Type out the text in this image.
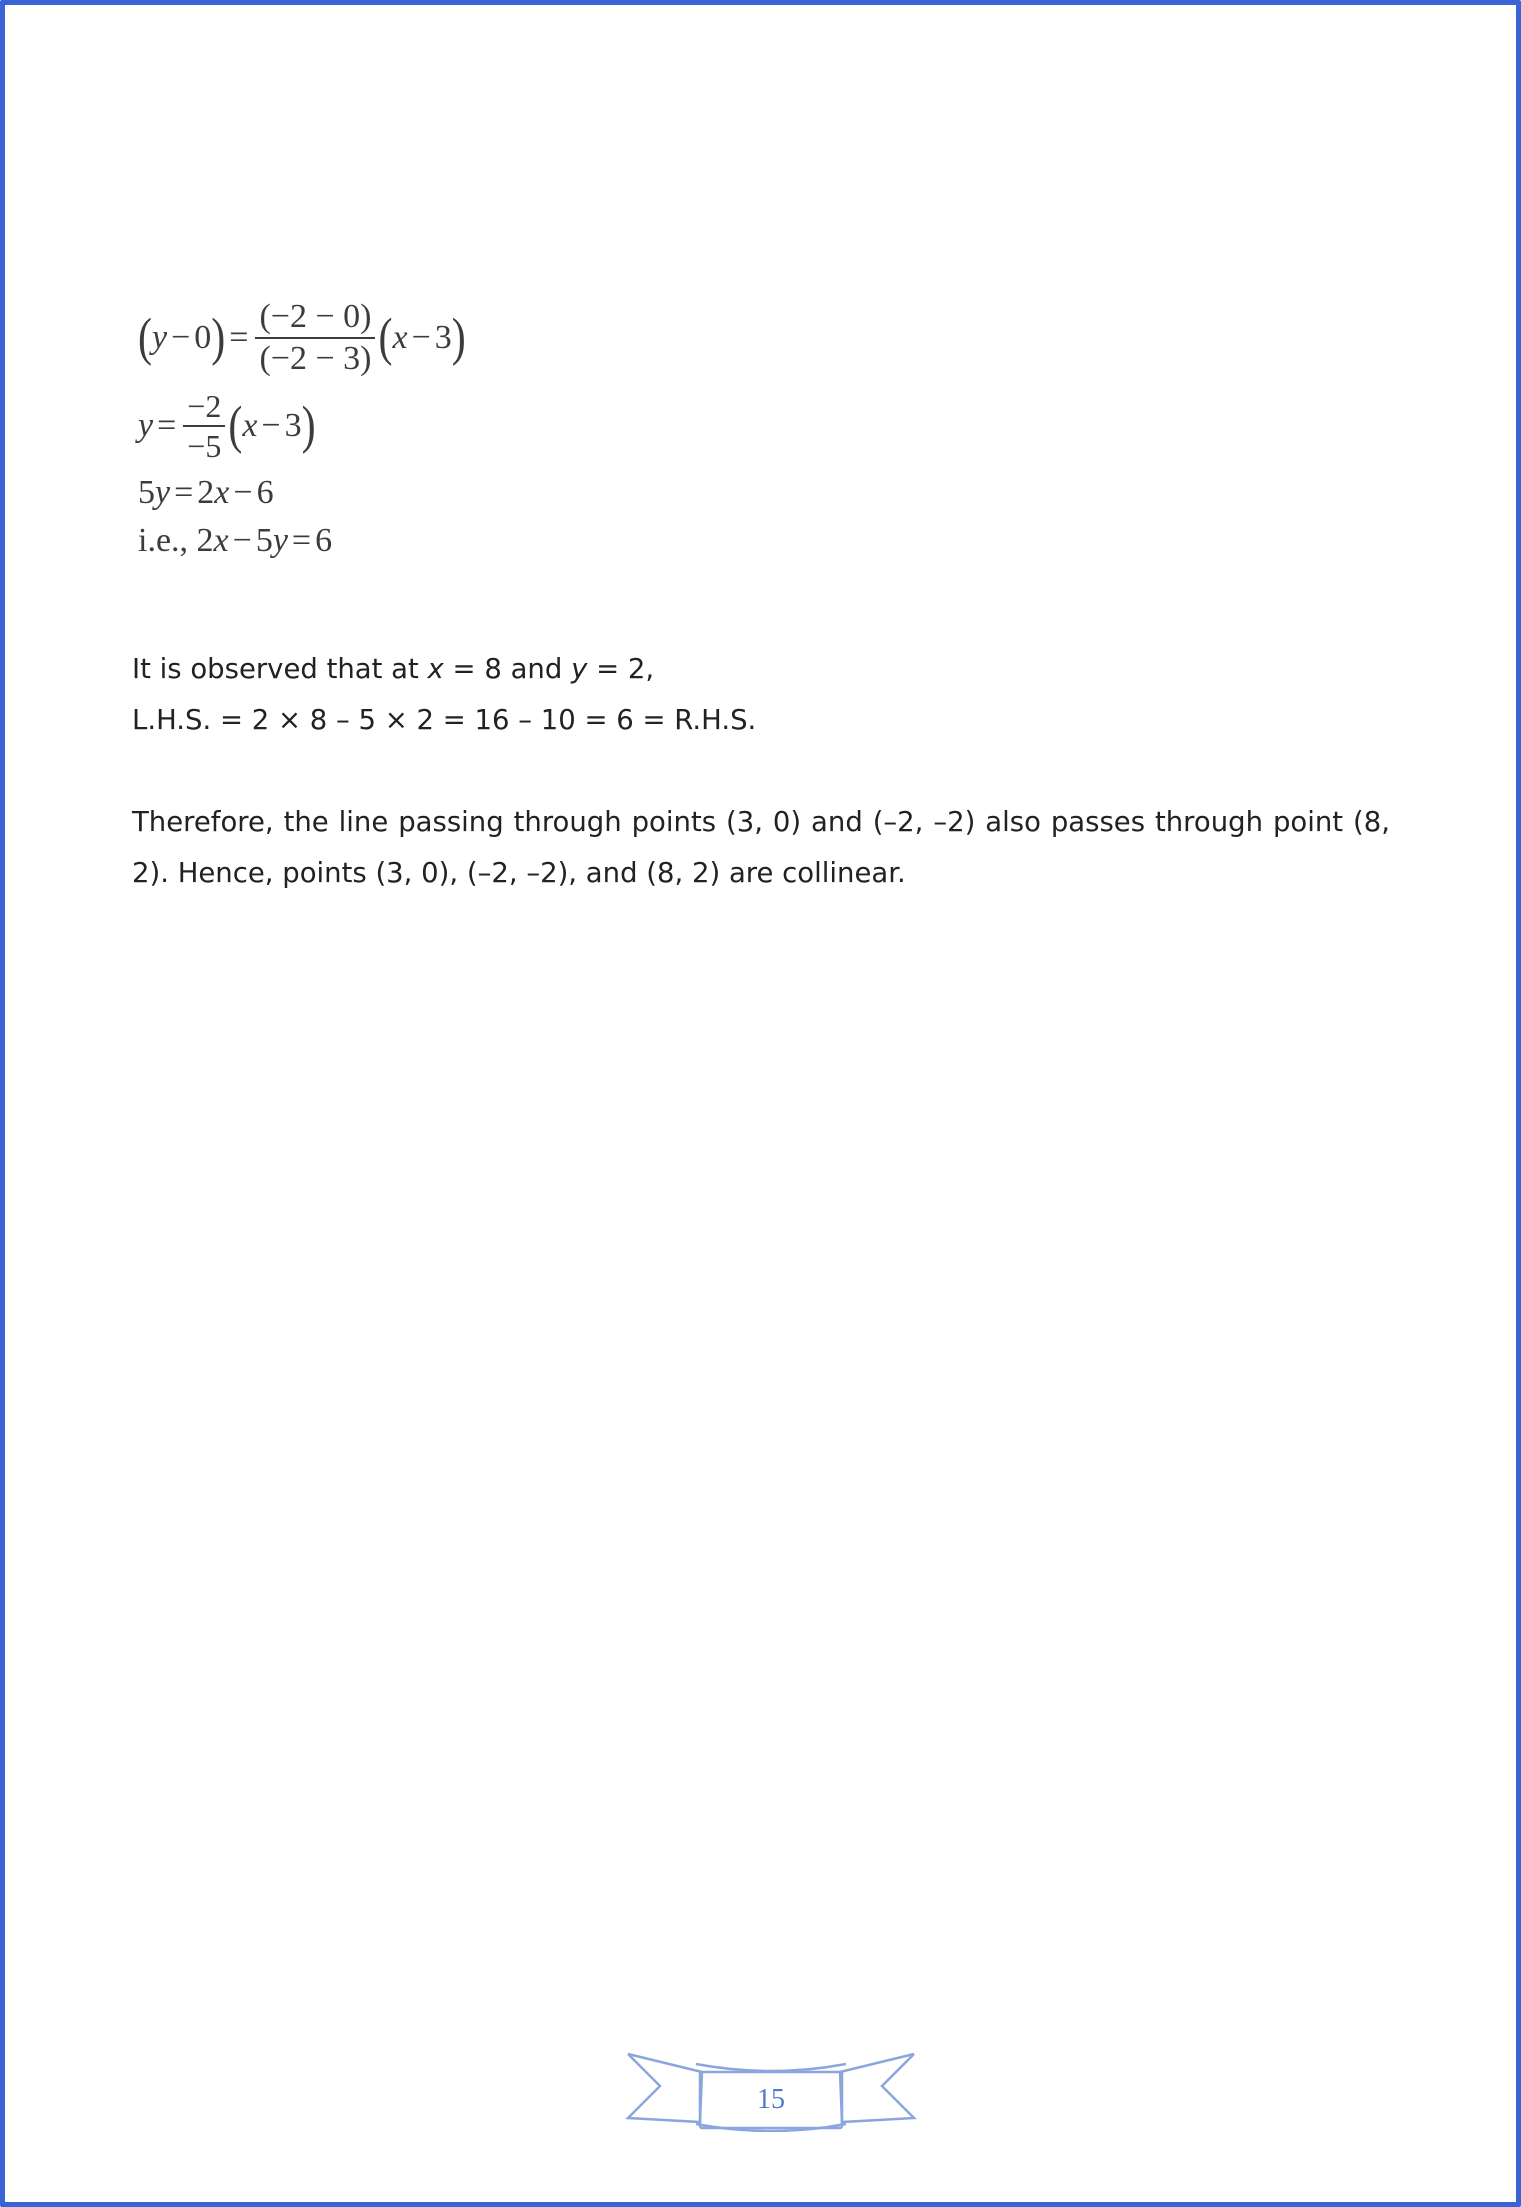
( y − 0 ) = $\frac{(-2 - 0)}{(-2 - 3)}$ ( x − 3 )
$y = \frac{-2}{-5}$ ( x − 3 )
5 y = 2 x − 6
i.e., 2 x − 5 y = 6
It is observed that at x = 8 and y = 2,
L.H.S. = 2 × 8 – 5 × 2 = 16 – 10 = 6 = R.H.S.
Therefore, the line passing through points (3, 0) and (–2, –2) also passes through point (8, 2). Hence, points (3, 0), (–2, –2), and (8, 2) are collinear.
15
